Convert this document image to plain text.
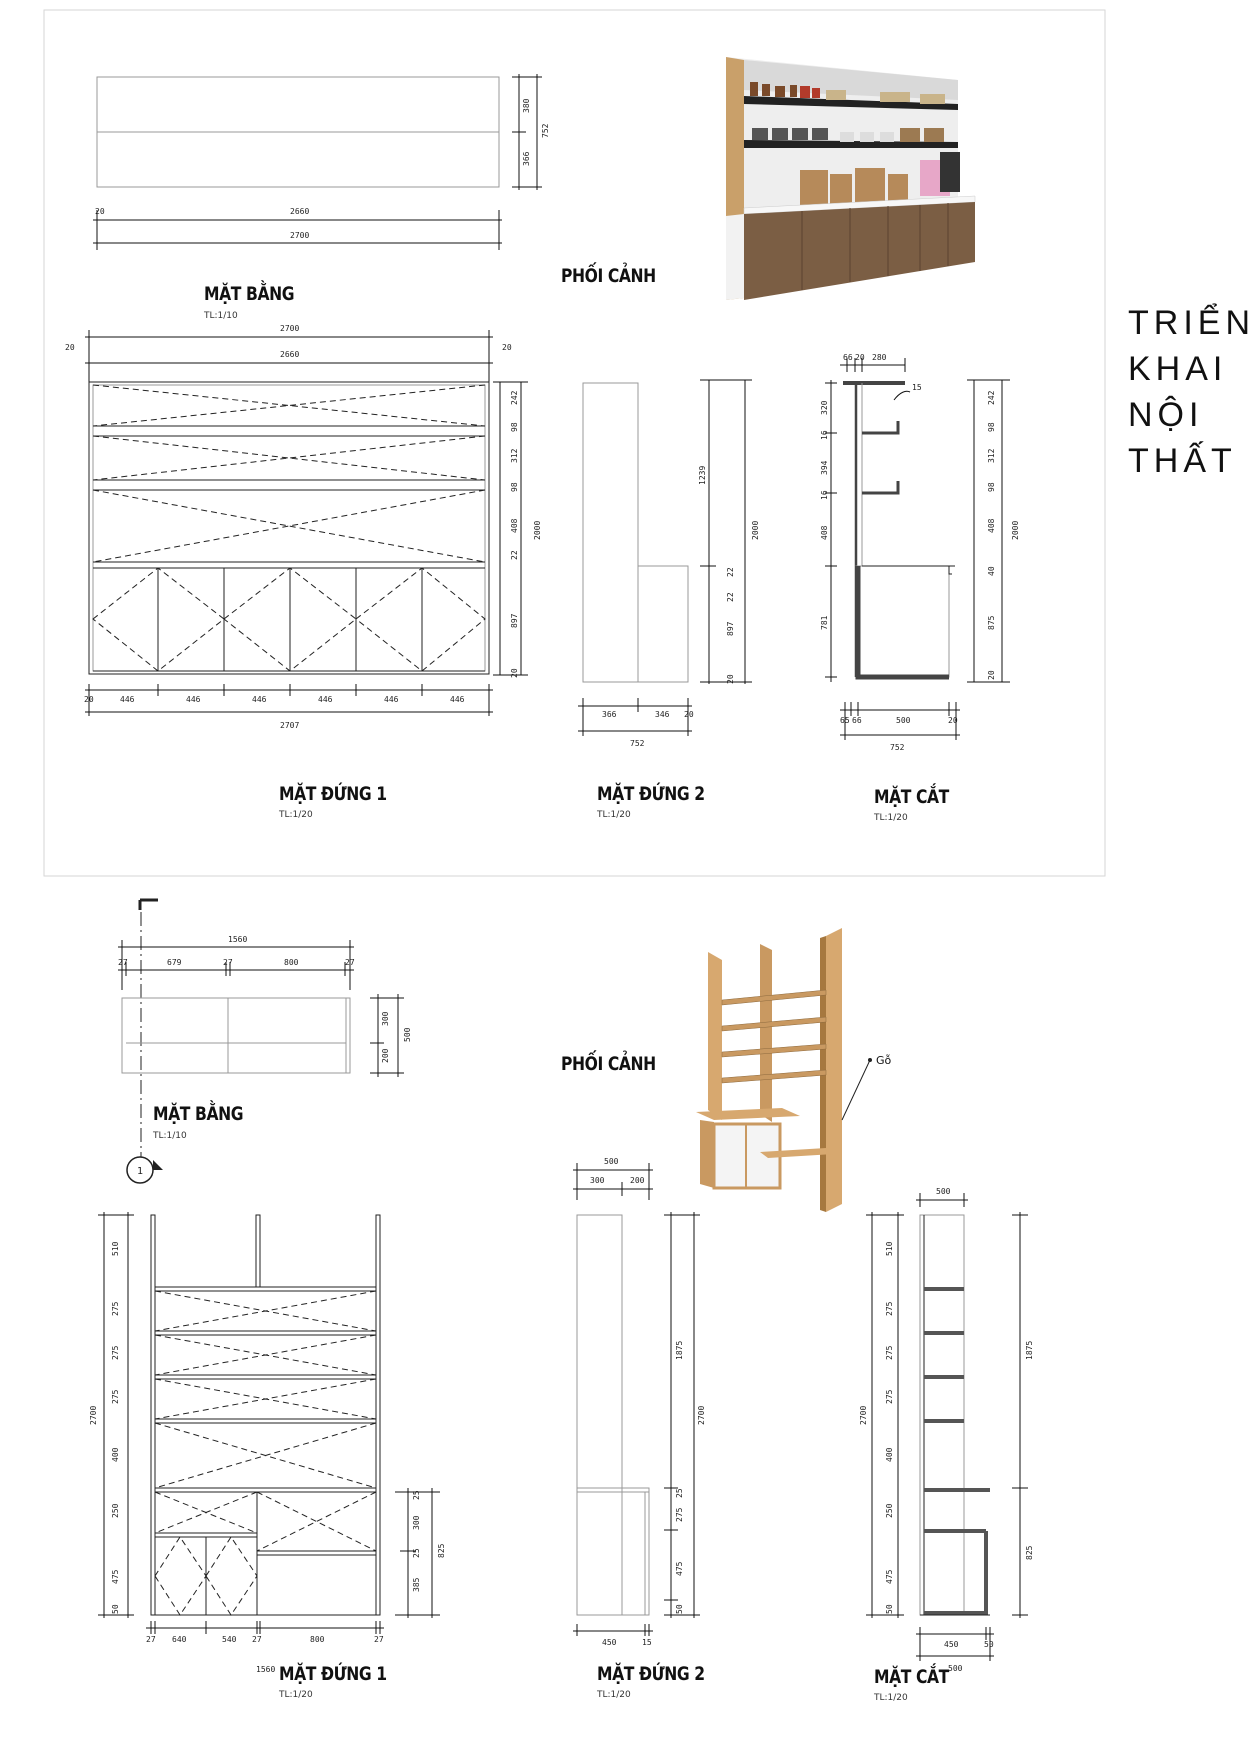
20	2660
2700
380
366
752
2700
2660
20	20
242
98
312
98
408
22
897
20
2000
20	446	446	446	446	446	446
2707
1239
2000
22
22
897
20
366	346 20
752
66 20 280
15
320
16
394
16
408
781
242
98
312
98
408
40
875
20
2000
65 66	500	20
752
1560
27	679	27	800	27
300
200
500
1
Gỗ
510
275
275
275
400
250
475
50
2700
25
300
25
385
825
27 640	540 27	800	27
1560
500
300	200
1875
2700
25
275
475
50
450	15
500
510
275
275
275
400
250
475
50
2700
1875
825
450	50
500
MẶT BẰNG
TL:1/10
PHỐI CẢNH
MẶT ĐỨNG 1
TL:1/20
MẶT ĐỨNG 2
TL:1/20
MẶT CẮT
TL:1/20
MẶT BẰNG
TL:1/10
PHỐI CẢNH
MẶT ĐỨNG 1
TL:1/20
MẶT ĐỨNG 2
TL:1/20
MẶT CẮT
TL:1/20
TRIỂN
KHAI
NỘI
THẤT
